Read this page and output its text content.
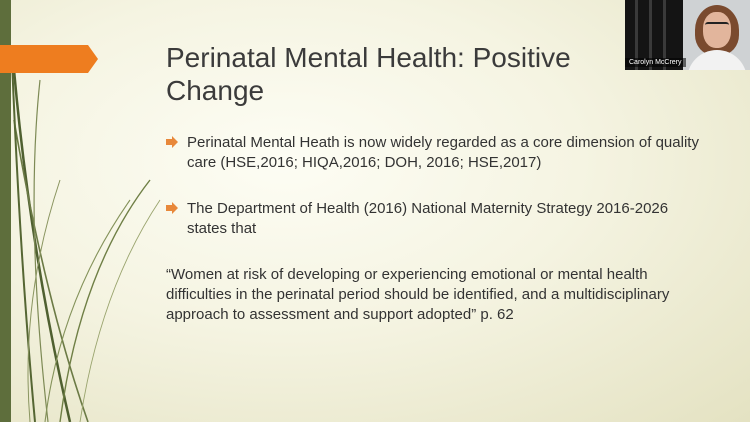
Perinatal Mental Health: Positive Change
Perinatal Mental Heath is now widely regarded as a core dimension of quality care (HSE,2016; HIQA,2016; DOH, 2016; HSE,2017)
The Department of Health (2016) National Maternity Strategy 2016-2026 states that
“Women at risk of developing or experiencing emotional or mental health difficulties in the perinatal period should be identified, and a multidisciplinary approach to assessment and support adopted” p. 62
Carolyn McCrery
